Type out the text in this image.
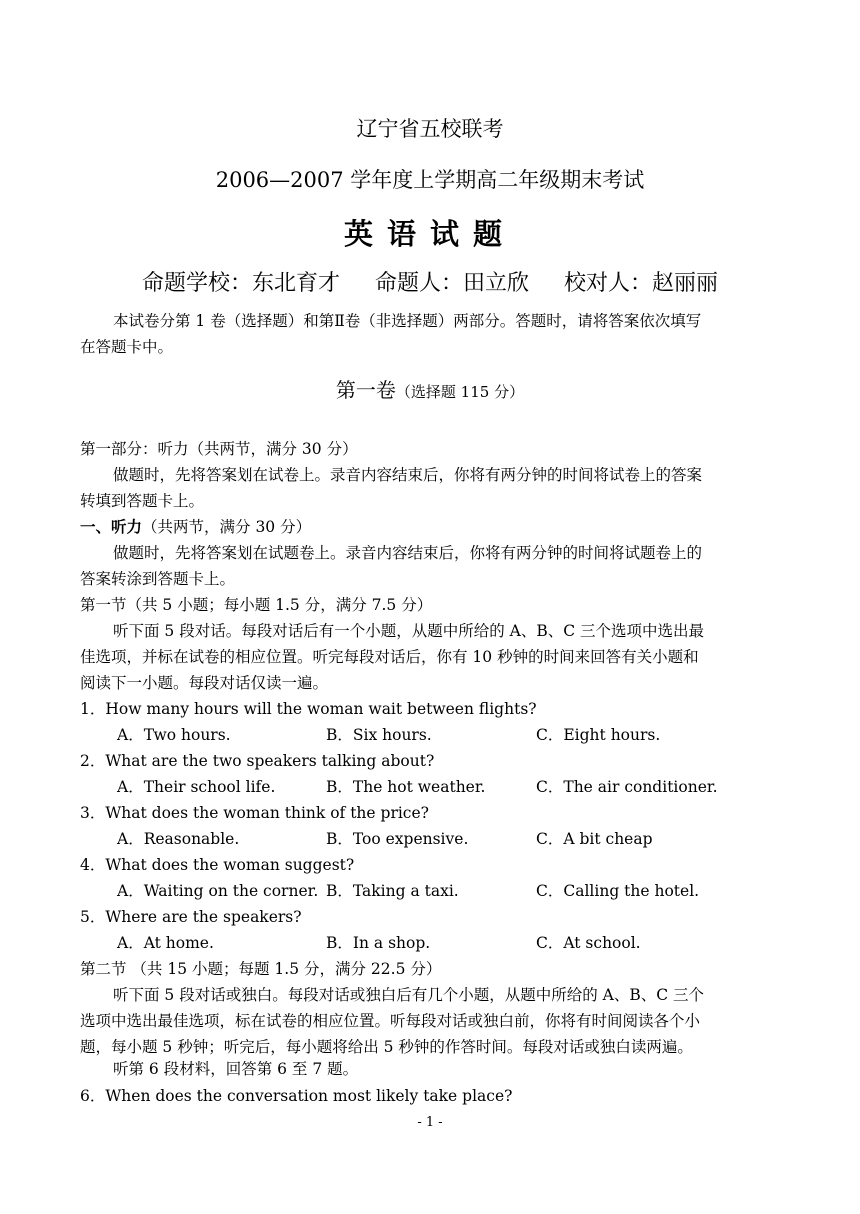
辽宁省五校联考
2006—2007 学年度上学期高二年级期末考试
英语试题
命题学校：东北育才 命题人：田立欣 校对人：赵丽丽
本试卷分第 1 卷（选择题）和第Ⅱ卷（非选择题）两部分。答题时，请将答案依次填写
在答题卡中。
第一卷（选择题 115 分）
第一部分：听力（共两节，满分 30 分）
做题时，先将答案划在试卷上。录音内容结束后，你将有两分钟的时间将试卷上的答案
转填到答题卡上。
一、听力（共两节，满分 30 分）
做题时，先将答案划在试题卷上。录音内容结束后，你将有两分钟的时间将试题卷上的
答案转涂到答题卡上。
第一节（共 5 小题；每小题 1.5 分，满分 7.5 分）
听下面 5 段对话。每段对话后有一个小题，从题中所给的 A、B、C 三个选项中选出最
佳选项，并标在试卷的相应位置。听完每段对话后，你有 10 秒钟的时间来回答有关小题和
阅读下一小题。每段对话仅读一遍。
1．How many hours will the woman wait between flights?
A．Two hours.	B．Six hours.	C．Eight hours.
2．What are the two speakers talking about?
A．Their school life.	B．The hot weather.	C．The air conditioner.
3．What does the woman think of the price?
A．Reasonable.	B．Too expensive.	C．A bit cheap
4．What does the woman suggest?
A．Waiting on the corner. B．Taking a taxi.	C．Calling the hotel.
5．Where are the speakers?
A．At home.	B．In a shop.	C．At school.
第二节 （共 15 小题；每题 1.5 分，满分 22.5 分）
听下面 5 段对话或独白。每段对话或独白后有几个小题，从题中所给的 A、B、C 三个
选项中选出最佳选项，标在试卷的相应位置。听每段对话或独白前，你将有时间阅读各个小
题，每小题 5 秒钟；听完后，每小题将给出 5 秒钟的作答时间。每段对话或独白读两遍。
听第 6 段材料，回答第 6 至 7 题。
6．When does the conversation most likely take place?
- 1 -
